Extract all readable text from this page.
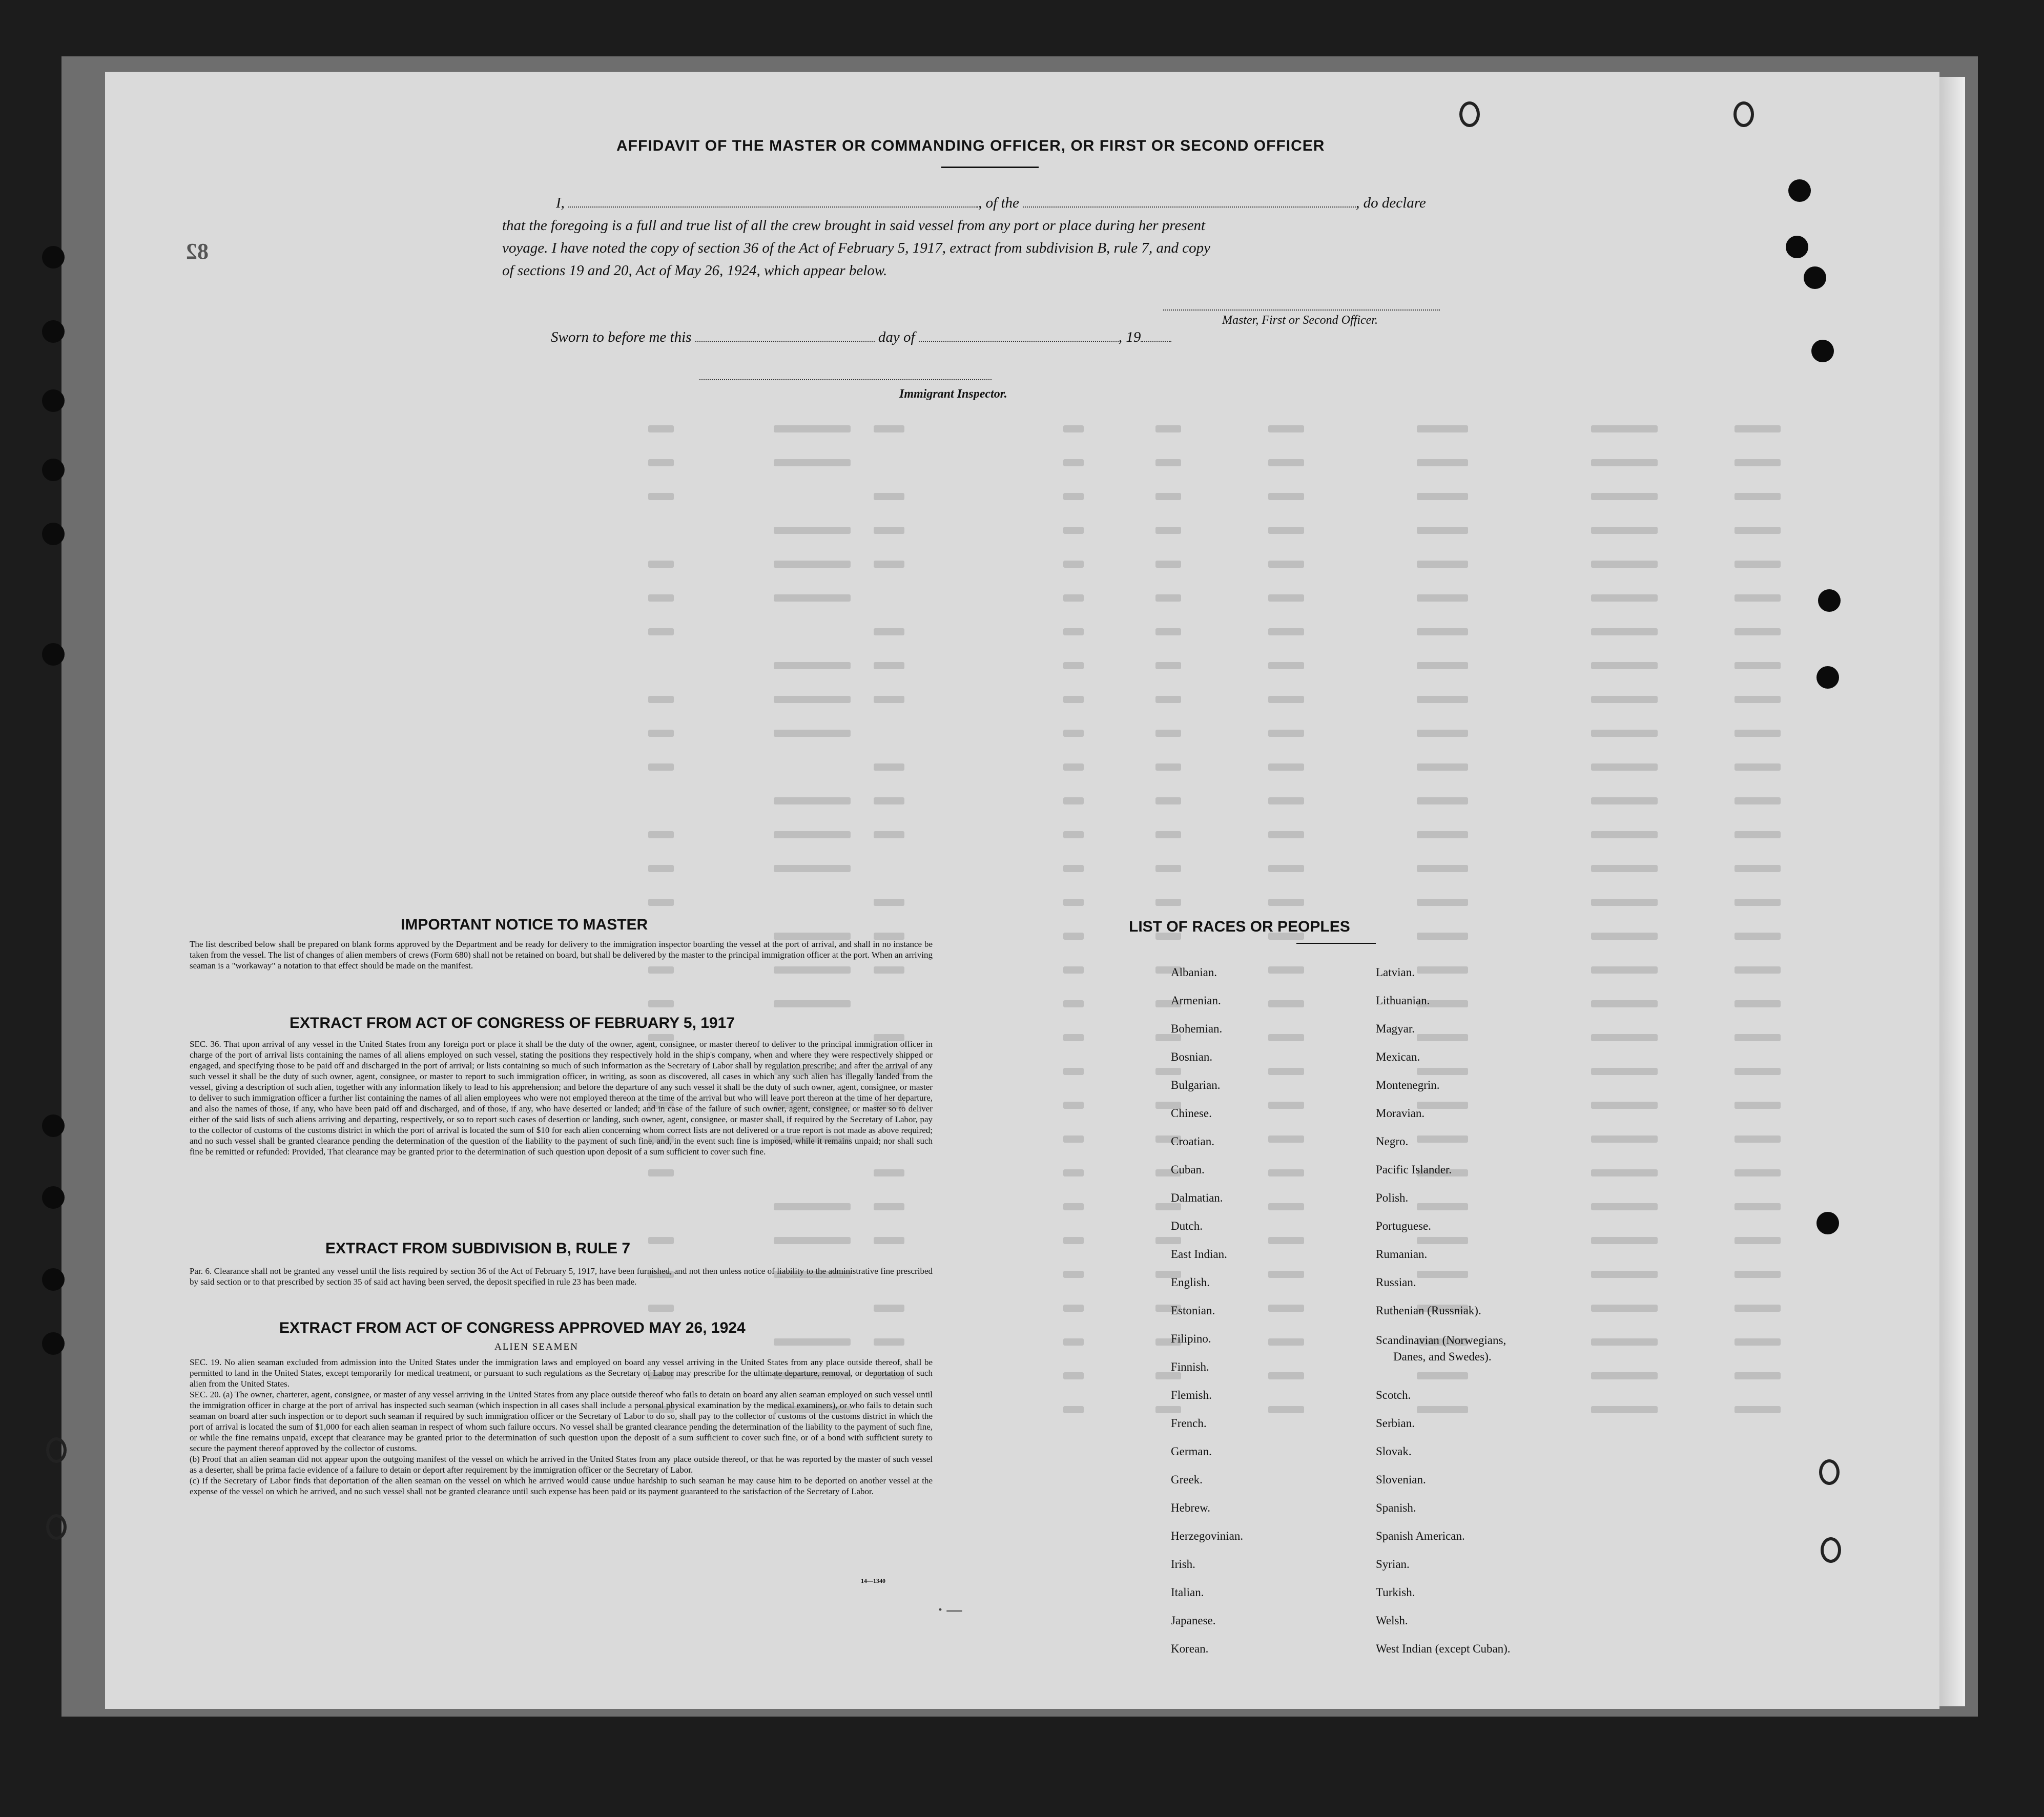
AFFIDAVIT OF THE MASTER OR COMMANDING OFFICER, OR FIRST OR SECOND OFFICER
I,	, of the	, do declare
that the foregoing is a full and true list of all the crew brought in said vessel from any port or place during her present
voyage. I have noted the copy of section 36 of the Act of February 5, 1917, extract from subdivision B, rule 7, and copy
of sections 19 and 20, Act of May 26, 1924, which appear below.
Master, First or Second Officer.
Sworn to before me this	day of	, 19
Immigrant Inspector.
82
IMPORTANT NOTICE TO MASTER
The list described below shall be prepared on blank forms approved by the Department and be ready for delivery to the immigration inspector boarding the vessel at the port of arrival, and shall in no instance be taken from the vessel. The list of changes of alien members of crews (Form 680) shall not be retained on board, but shall be delivered by the master to the principal immigration officer at the port. When an arriving seaman is a "workaway" a notation to that effect should be made on the manifest.
EXTRACT FROM ACT OF CONGRESS OF FEBRUARY 5, 1917
SEC. 36. That upon arrival of any vessel in the United States from any foreign port or place it shall be the duty of the owner, agent, consignee, or master thereof to deliver to the principal immigration officer in charge of the port of arrival lists containing the names of all aliens employed on such vessel, stating the positions they respectively hold in the ship's company, when and where they were respectively shipped or engaged, and specifying those to be paid off and discharged in the port of arrival; or lists containing so much of such information as the Secretary of Labor shall by regulation prescribe; and after the arrival of any such vessel it shall be the duty of such owner, agent, consignee, or master to report to such immigration officer, in writing, as soon as discovered, all cases in which any such alien has illegally landed from the vessel, giving a description of such alien, together with any information likely to lead to his apprehension; and before the departure of any such vessel it shall be the duty of such owner, agent, consignee, or master to deliver to such immigration officer a further list containing the names of all alien employees who were not employed thereon at the time of the arrival but who will leave port thereon at the time of her departure, and also the names of those, if any, who have been paid off and discharged, and of those, if any, who have deserted or landed; and in case of the failure of such owner, agent, consignee, or master so to deliver either of the said lists of such aliens arriving and departing, respectively, or so to report such cases of desertion or landing, such owner, agent, consignee, or master shall, if required by the Secretary of Labor, pay to the collector of customs of the customs district in which the port of arrival is located the sum of $10 for each alien concerning whom correct lists are not delivered or a true report is not made as above required; and no such vessel shall be granted clearance pending the determination of the question of the liability to the payment of such fine, and, in the event such fine is imposed, while it remains unpaid; nor shall such fine be remitted or refunded: Provided, That clearance may be granted prior to the determination of such question upon deposit of a sum sufficient to cover such fine.
EXTRACT FROM SUBDIVISION B, RULE 7
Par. 6. Clearance shall not be granted any vessel until the lists required by section 36 of the Act of February 5, 1917, have been furnished, and not then unless notice of liability to the administrative fine prescribed by said section or to that prescribed by section 35 of said act having been served, the deposit specified in rule 23 has been made.
EXTRACT FROM ACT OF CONGRESS APPROVED MAY 26, 1924
ALIEN SEAMEN
SEC. 19. No alien seaman excluded from admission into the United States under the immigration laws and employed on board any vessel arriving in the United States from any place outside thereof, shall be permitted to land in the United States, except temporarily for medical treatment, or pursuant to such regulations as the Secretary of Labor may prescribe for the ultimate departure, removal, or deportation of such alien from the United States.
SEC. 20. (a) The owner, charterer, agent, consignee, or master of any vessel arriving in the United States from any place outside thereof who fails to detain on board any alien seaman employed on such vessel until the immigration officer in charge at the port of arrival has inspected such seaman (which inspection in all cases shall include a personal physical examination by the medical examiners), or who fails to detain such seaman on board after such inspection or to deport such seaman if required by such immigration officer or the Secretary of Labor to do so, shall pay to the collector of customs of the customs district in which the port of arrival is located the sum of $1,000 for each alien seaman in respect of whom such failure occurs. No vessel shall be granted clearance pending the determination of the liability to the payment of such fine, or while the fine remains unpaid, except that clearance may be granted prior to the determination of such question upon the deposit of a sum sufficient to cover such fine, or of a bond with sufficient surety to secure the payment thereof approved by the collector of customs.
(b) Proof that an alien seaman did not appear upon the outgoing manifest of the vessel on which he arrived in the United States from any place outside thereof, or that he was reported by the master of such vessel as a deserter, shall be prima facie evidence of a failure to detain or deport after requirement by the immigration officer or the Secretary of Labor.
(c) If the Secretary of Labor finds that deportation of the alien seaman on the vessel on which he arrived would cause undue hardship to such seaman he may cause him to be deported on another vessel at the expense of the vessel on which he arrived, and no such vessel shall not be granted clearance until such expense has been paid or its payment guaranteed to the satisfaction of the Secretary of Labor.
14—1340
LIST OF RACES OR PEOPLES
Albanian.
Armenian.
Bohemian.
Bosnian.
Bulgarian.
Chinese.
Croatian.
Cuban.
Dalmatian.
Dutch.
East Indian.
English.
Estonian.
Filipino.
Finnish.
Flemish.
French.
German.
Greek.
Hebrew.
Herzegovinian.
Irish.
Italian.
Japanese.
Korean.
Latvian.
Lithuanian.
Magyar.
Mexican.
Montenegrin.
Moravian.
Negro.
Pacific Islander.
Polish.
Portuguese.
Rumanian.
Russian.
Ruthenian (Russniak).
Scandinavian (Norwegians,
Danes, and Swedes).
Scotch.
Serbian.
Slovak.
Slovenian.
Spanish.
Spanish American.
Syrian.
Turkish.
Welsh.
West Indian (except Cuban).
· ―
